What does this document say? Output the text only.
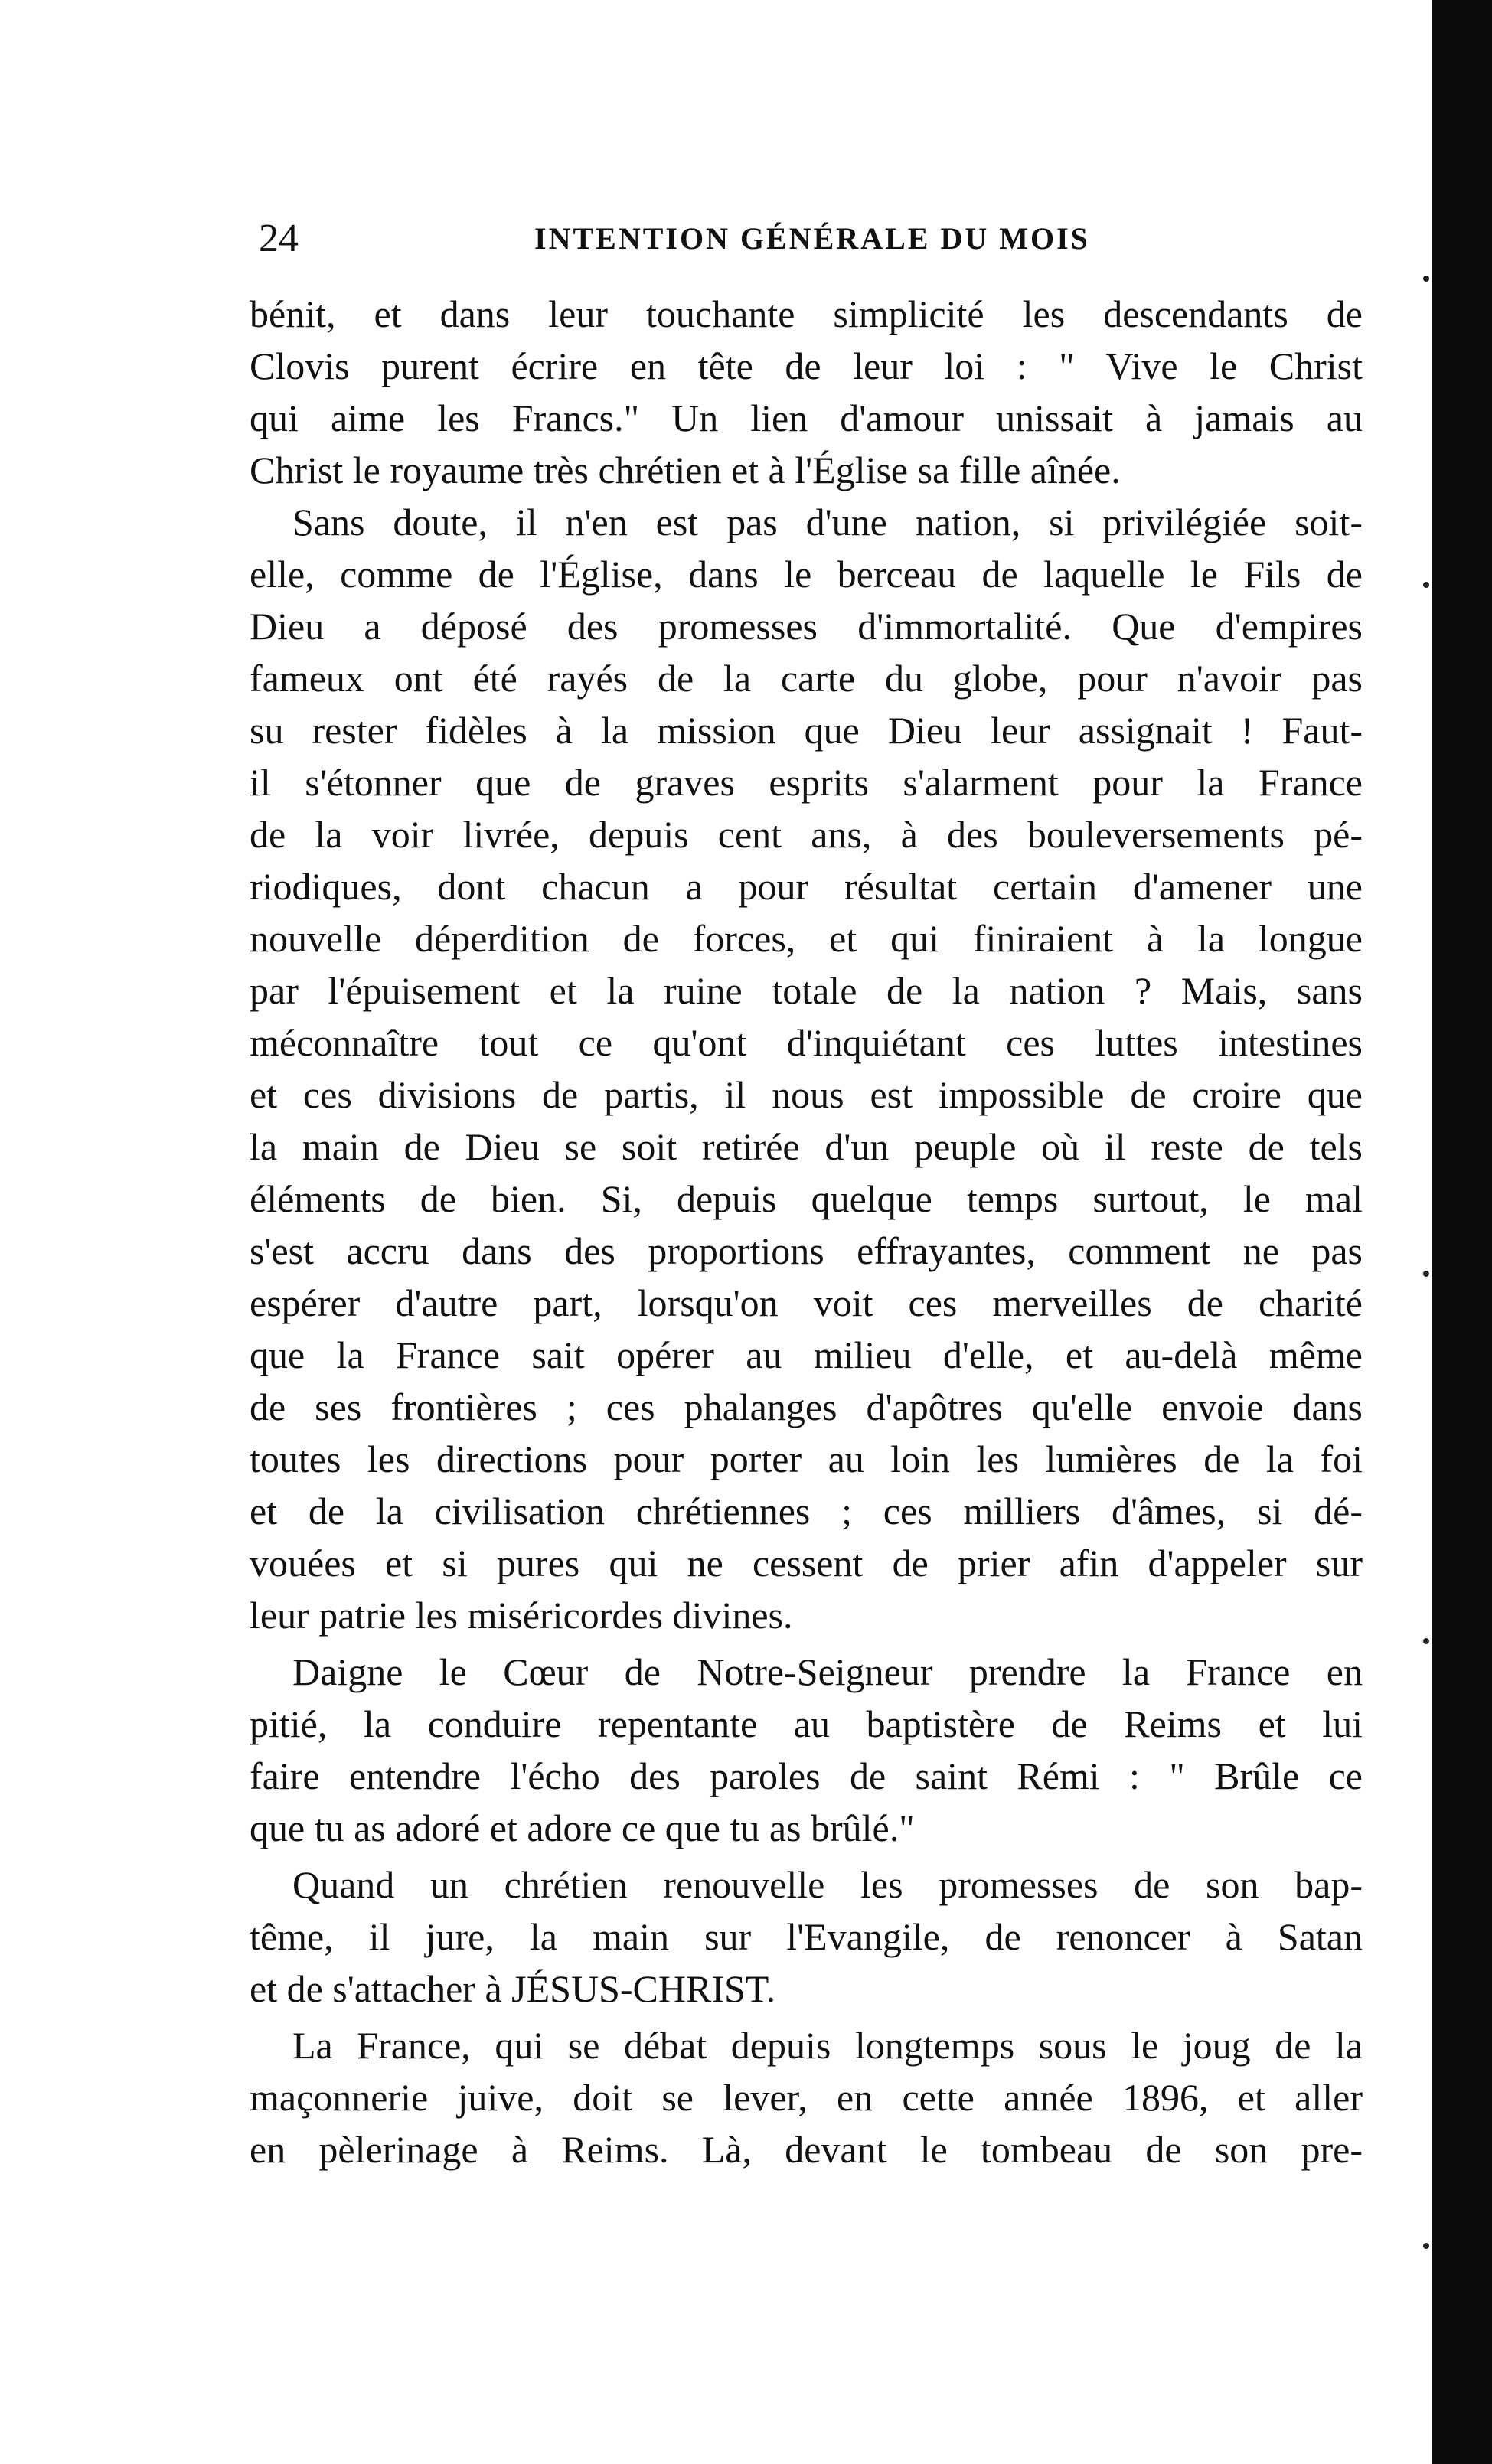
24	INTENTION GÉNÉRALE DU MOIS
bénit, et dans leur touchante simplicité les descendants de
Clovis purent écrire en tête de leur loi : " Vive le Christ
qui aime les Francs." Un lien d'amour unissait à jamais au
Christ le royaume très chrétien et à l'Église sa fille aînée.
Sans doute, il n'en est pas d'une nation, si privilégiée soit-
elle, comme de l'Église, dans le berceau de laquelle le Fils de
Dieu a déposé des promesses d'immortalité. Que d'empires
fameux ont été rayés de la carte du globe, pour n'avoir pas
su rester fidèles à la mission que Dieu leur assignait ! Faut-
il s'étonner que de graves esprits s'alarment pour la France
de la voir livrée, depuis cent ans, à des bouleversements pé-
riodiques, dont chacun a pour résultat certain d'amener une
nouvelle déperdition de forces, et qui finiraient à la longue
par l'épuisement et la ruine totale de la nation ? Mais, sans
méconnaître tout ce qu'ont d'inquiétant ces luttes intestines
et ces divisions de partis, il nous est impossible de croire que
la main de Dieu se soit retirée d'un peuple où il reste de tels
éléments de bien. Si, depuis quelque temps surtout, le mal
s'est accru dans des proportions effrayantes, comment ne pas
espérer d'autre part, lorsqu'on voit ces merveilles de charité
que la France sait opérer au milieu d'elle, et au-delà même
de ses frontières ; ces phalanges d'apôtres qu'elle envoie dans
toutes les directions pour porter au loin les lumières de la foi
et de la civilisation chrétiennes ; ces milliers d'âmes, si dé-
vouées et si pures qui ne cessent de prier afin d'appeler sur
leur patrie les miséricordes divines.
Daigne le Cœur de Notre-Seigneur prendre la France en
pitié, la conduire repentante au baptistère de Reims et lui
faire entendre l'écho des paroles de saint Rémi : " Brûle ce
que tu as adoré et adore ce que tu as brûlé."
Quand un chrétien renouvelle les promesses de son bap-
tême, il jure, la main sur l'Evangile, de renoncer à Satan
et de s'attacher à JÉSUS-CHRIST.
La France, qui se débat depuis longtemps sous le joug de la
maçonnerie juive, doit se lever, en cette année 1896, et aller
en pèlerinage à Reims. Là, devant le tombeau de son pre-
